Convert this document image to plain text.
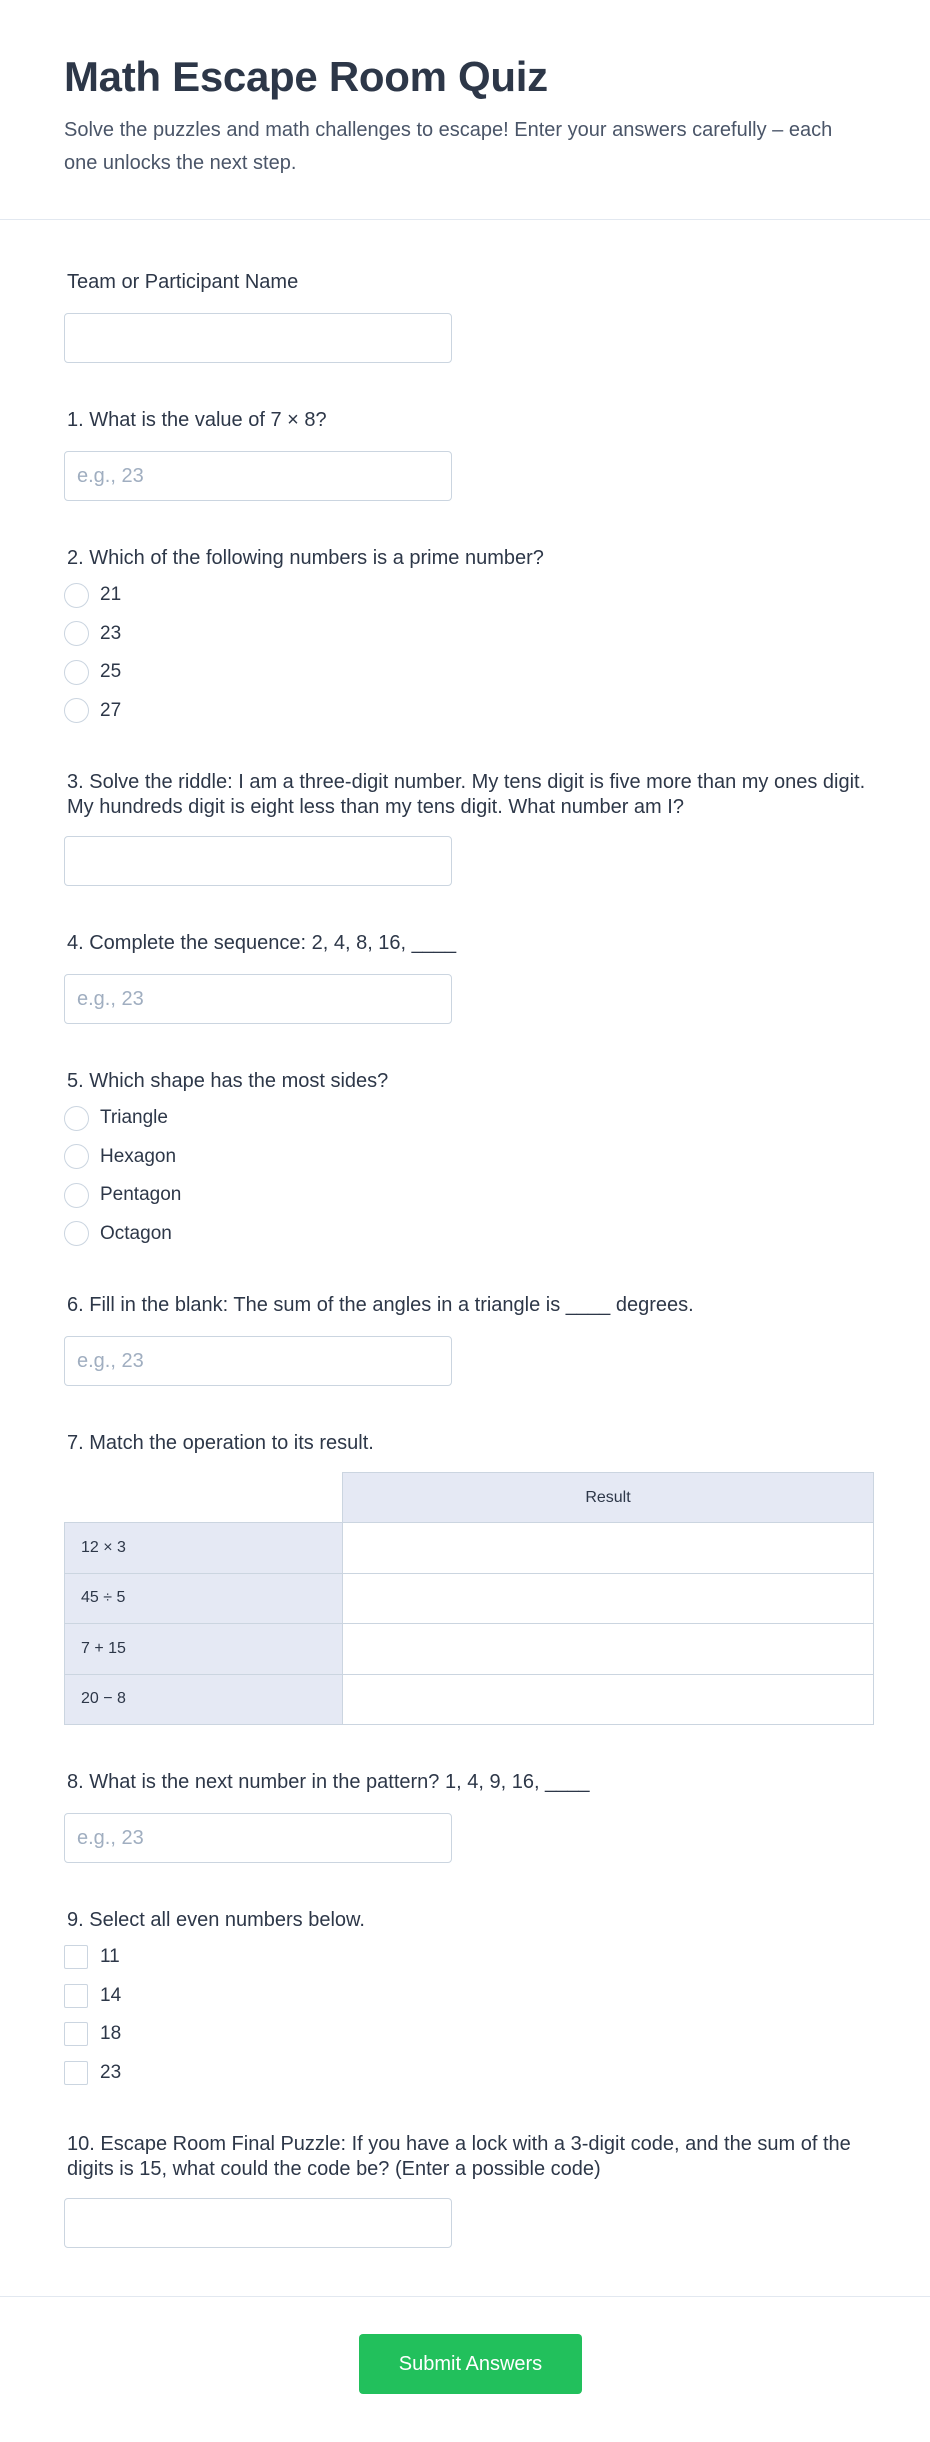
Math Escape Room Quiz

Solve the puzzles and math challenges to escape! Enter your answers carefully – each one unlocks the next step.

Team or Participant Name
1. What is the value of 7 × 8?
e.g., 23
2. Which of the following numbers is a prime number?
21
23
25
27
3. Solve the riddle: I am a three-digit number. My tens digit is five more than my ones digit. My hundreds digit is eight less than my tens digit. What number am I?
4. Complete the sequence: 2, 4, 8, 16, ____
e.g., 23
5. Which shape has the most sides?
Triangle
Hexagon
Pentagon
Octagon
6. Fill in the blank: The sum of the angles in a triangle is ____ degrees.
e.g., 23
7. Match the operation to its result.
	Result
12 × 3	
45 ÷ 5	
7 + 15	
20 − 8	
8. What is the next number in the pattern? 1, 4, 9, 16, ____
e.g., 23
9. Select all even numbers below.
11
14
18
23
10. Escape Room Final Puzzle: If you have a lock with a 3-digit code, and the sum of the digits is 15, what could the code be? (Enter a possible code)
Submit Answers
